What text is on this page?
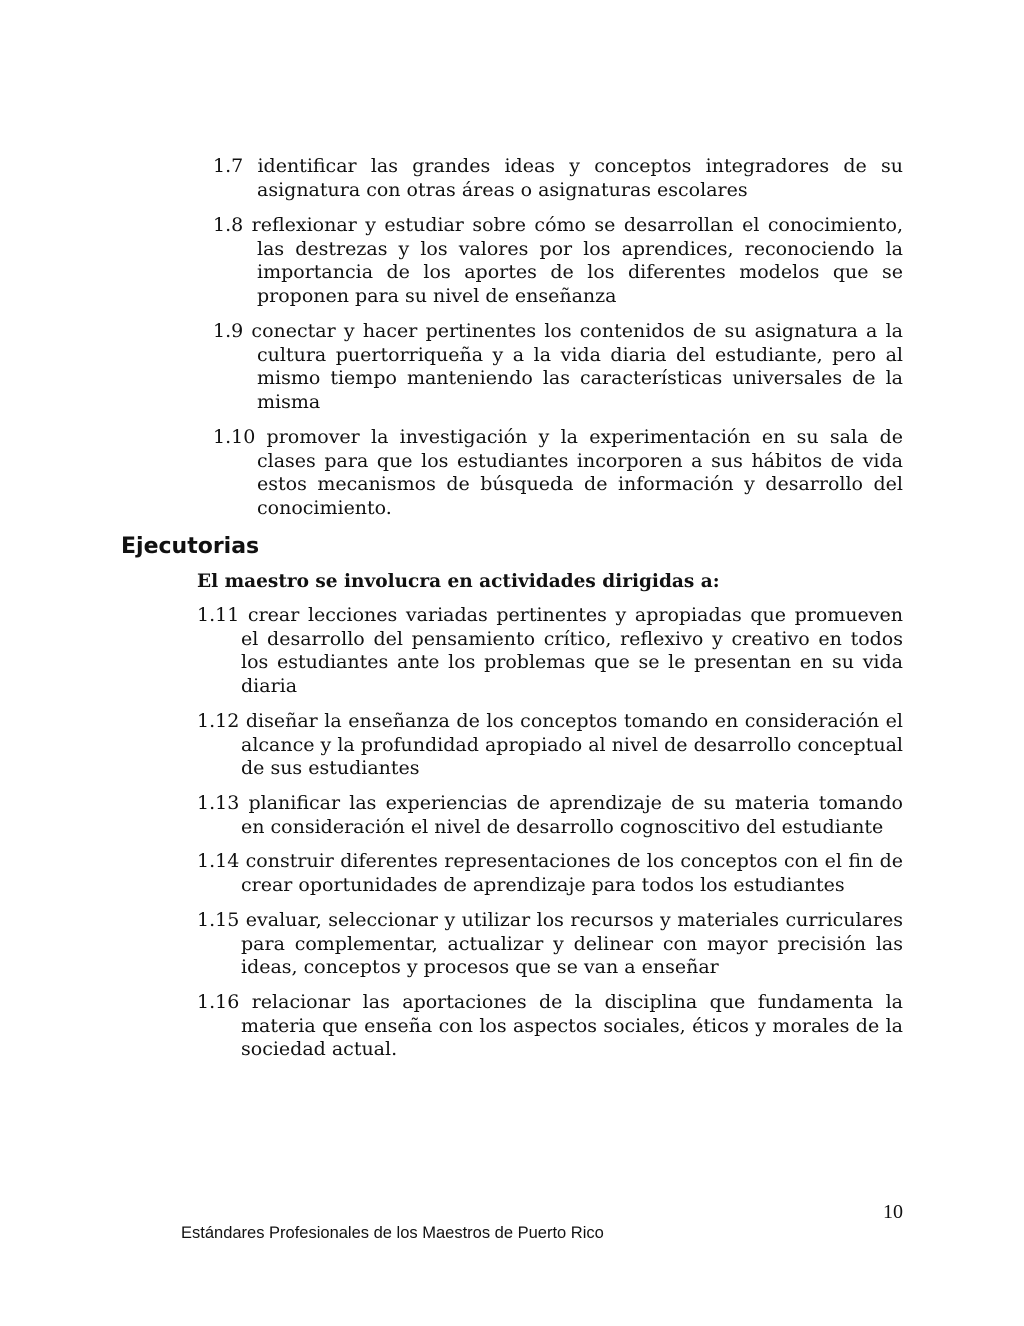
1.7 identificar las grandes ideas y conceptos integradores de su asignatura con otras áreas o asignaturas escolares

1.8 reflexionar y estudiar sobre cómo se desarrollan el conocimiento, las destrezas y los valores por los aprendices, reconociendo la importancia de los aportes de los diferentes modelos que se proponen para su nivel de enseñanza

1.9 conectar y hacer pertinentes los contenidos de su asignatura a la cultura puertorriqueña y a la vida diaria del estudiante, pero al mismo tiempo manteniendo las características universales de la misma

1.10 promover la investigación y la experimentación en su sala de clases para que los estudiantes incorporen a sus hábitos de vida estos mecanismos de búsqueda de información y desarrollo del conocimiento.

Ejecutorias

El maestro se involucra en actividades dirigidas a:

1.11 crear lecciones variadas pertinentes y apropiadas que promueven el desarrollo del pensamiento crítico, reflexivo y creativo en todos los estudiantes ante los problemas que se le presentan en su vida diaria

1.12 diseñar la enseñanza de los conceptos tomando en consideración el alcance y la profundidad apropiado al nivel de desarrollo conceptual de sus estudiantes

1.13 planificar las experiencias de aprendizaje de su materia tomando en consideración el nivel de desarrollo cognoscitivo del estudiante

1.14 construir diferentes representaciones de los conceptos con el fin de crear oportunidades de aprendizaje para todos los estudiantes

1.15 evaluar, seleccionar y utilizar los recursos y materiales curriculares para complementar, actualizar y delinear con mayor precisión las ideas, conceptos y procesos que se van a enseñar

1.16 relacionar las aportaciones de la disciplina que fundamenta la materia que enseña con los aspectos sociales, éticos y morales de la sociedad actual.

10
Estándares Profesionales de los Maestros de Puerto Rico
